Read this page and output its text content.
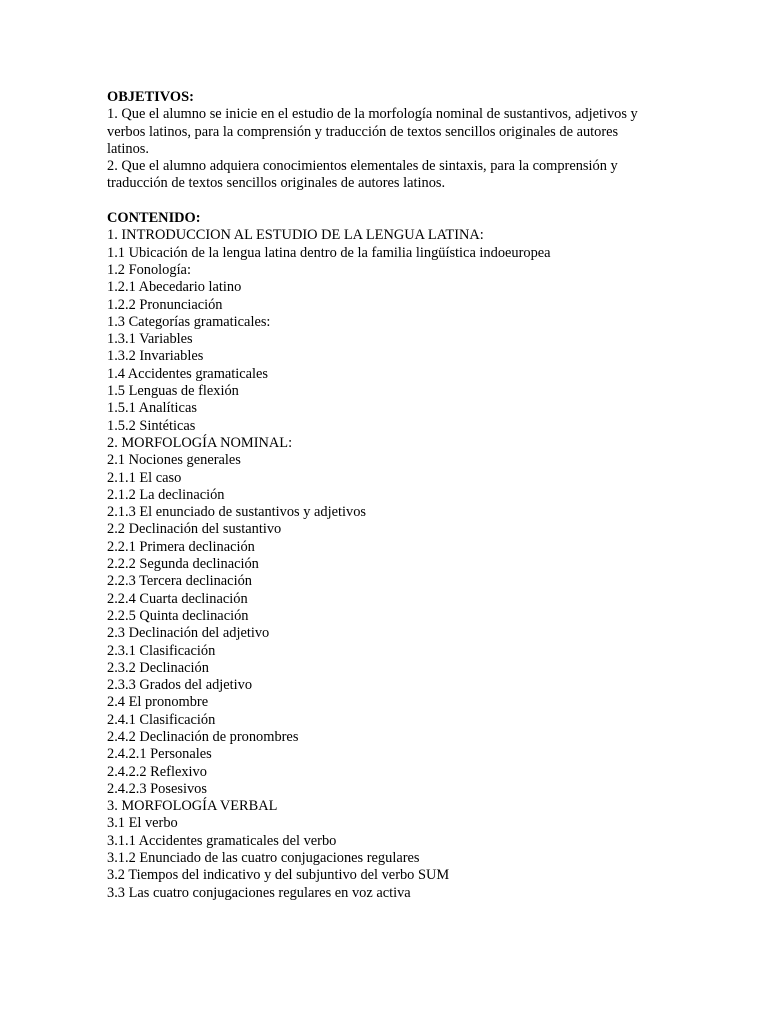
OBJETIVOS:

1. Que el alumno se inicie en el estudio de la morfología nominal de sustantivos, adjetivos y verbos latinos, para la comprensión y traducción de textos sencillos originales de autores latinos.

2. Que el alumno adquiera conocimientos elementales de sintaxis, para la comprensión y traducción de textos sencillos originales de autores latinos.

CONTENIDO:

1. INTRODUCCION AL ESTUDIO DE LA LENGUA LATINA:

1.1 Ubicación de la lengua latina dentro de la familia lingüística indoeuropea

1.2 Fonología:

1.2.1 Abecedario latino

1.2.2 Pronunciación

1.3 Categorías gramaticales:

1.3.1 Variables

1.3.2 Invariables

1.4 Accidentes gramaticales

1.5 Lenguas de flexión

1.5.1 Analíticas

1.5.2 Sintéticas

2. MORFOLOGÍA NOMINAL:

2.1 Nociones generales

2.1.1 El caso

2.1.2 La declinación

2.1.3 El enunciado de sustantivos y adjetivos

2.2 Declinación del sustantivo

2.2.1 Primera declinación

2.2.2 Segunda declinación

2.2.3 Tercera declinación

2.2.4 Cuarta declinación

2.2.5 Quinta declinación

2.3 Declinación del adjetivo

2.3.1 Clasificación

2.3.2 Declinación

2.3.3 Grados del adjetivo

2.4 El pronombre

2.4.1 Clasificación

2.4.2 Declinación de pronombres

2.4.2.1 Personales

2.4.2.2 Reflexivo

2.4.2.3 Posesivos

3. MORFOLOGÍA VERBAL

3.1 El verbo

3.1.1 Accidentes gramaticales del verbo

3.1.2 Enunciado de las cuatro conjugaciones regulares

3.2 Tiempos del indicativo y del subjuntivo del verbo SUM

3.3 Las cuatro conjugaciones regulares en voz activa
